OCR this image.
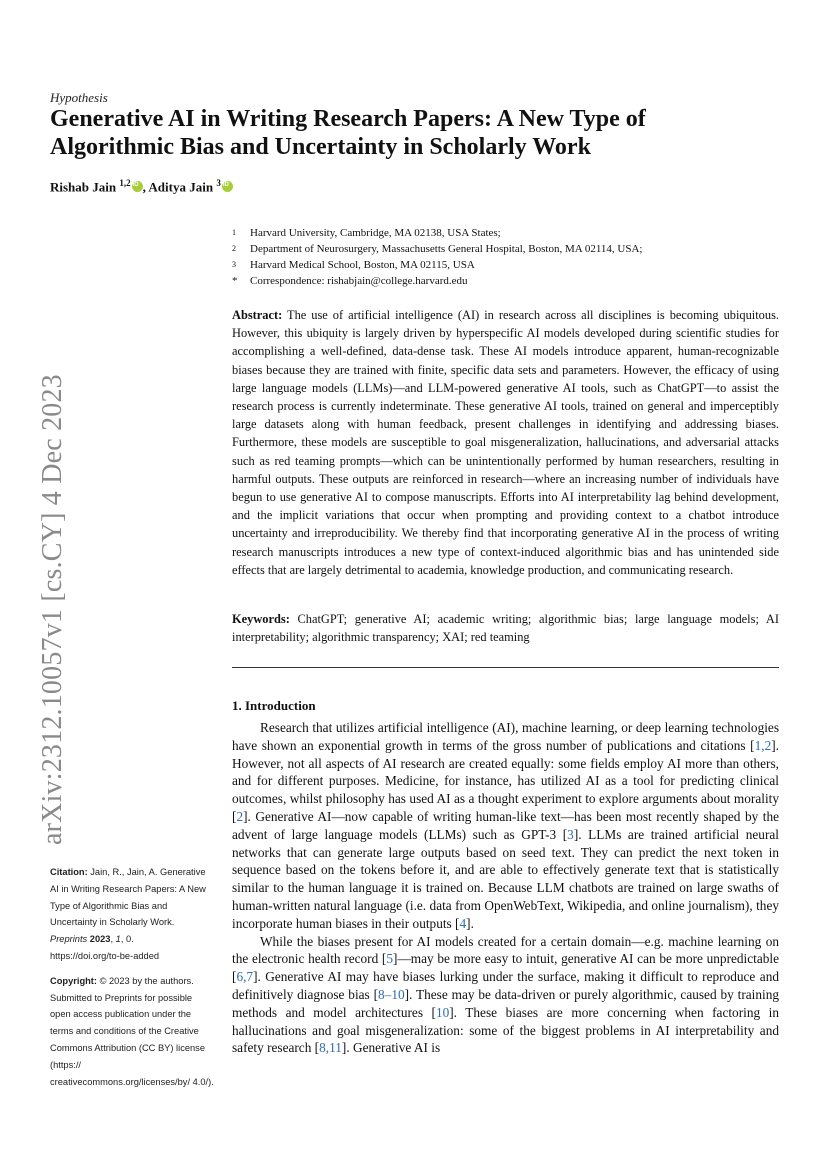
Hypothesis
Generative AI in Writing Research Papers: A New Type of Algorithmic Bias and Uncertainty in Scholarly Work
Rishab Jain $^{1,2}$iD , Aditya Jain $^3$iD
1	Harvard University, Cambridge, MA 02138, USA States;
2	Department of Neurosurgery, Massachusetts General Hospital, Boston, MA 02114, USA;
3	Harvard Medical School, Boston, MA 02115, USA
*	Correspondence: rishabjain@college.harvard.edu
Abstract: The use of artificial intelligence (AI) in research across all disciplines is becoming ubiquitous. However, this ubiquity is largely driven by hyperspecific AI models developed during scientific studies for accomplishing a well-defined, data-dense task. These AI models introduce apparent, human-recognizable biases because they are trained with finite, specific data sets and parameters. However, the efficacy of using large language models (LLMs)—and LLM-powered generative AI tools, such as ChatGPT—to assist the research process is currently indeterminate. These generative AI tools, trained on general and imperceptibly large datasets along with human feedback, present challenges in identifying and addressing biases. Furthermore, these models are susceptible to goal misgeneralization, hallucinations, and adversarial attacks such as red teaming prompts—which can be unintentionally performed by human researchers, resulting in harmful outputs. These outputs are reinforced in research—where an increasing number of individuals have begun to use generative AI to compose manuscripts. Efforts into AI interpretability lag behind development, and the implicit variations that occur when prompting and providing context to a chatbot introduce uncertainty and irreproducibility. We thereby find that incorporating generative AI in the process of writing research manuscripts introduces a new type of context-induced algorithmic bias and has unintended side effects that are largely detrimental to academia, knowledge production, and communicating research.
Keywords: ChatGPT; generative AI; academic writing; algorithmic bias; large language models; AI interpretability; algorithmic transparency; XAI; red teaming
1. Introduction

Research that utilizes artificial intelligence (AI), machine learning, or deep learning technologies have shown an exponential growth in terms of the gross number of publications and citations [1,2]. However, not all aspects of AI research are created equally: some fields employ AI more than others, and for different purposes. Medicine, for instance, has utilized AI as a tool for predicting clinical outcomes, whilst philosophy has used AI as a thought experiment to explore arguments about morality [2]. Generative AI—now capable of writing human-like text—has been most recently shaped by the advent of large language models (LLMs) such as GPT-3 [3]. LLMs are trained artificial neural networks that can generate large outputs based on seed text. They can predict the next token in sequence based on the tokens before it, and are able to effectively generate text that is statistically similar to the human language it is trained on. Because LLM chatbots are trained on large swaths of human-written natural language (i.e. data from OpenWebText, Wikipedia, and online journalism), they incorporate human biases in their outputs [4].

While the biases present for AI models created for a certain domain—e.g. machine learning on the electronic health record [5]—may be more easy to intuit, generative AI can be more unpredictable [6,7]. Generative AI may have biases lurking under the surface, making it difficult to reproduce and definitively diagnose bias [8–10]. These may be data-driven or purely algorithmic, caused by training methods and model architectures [10]. These biases are more concerning when factoring in hallucinations and goal misgeneralization: some of the biggest problems in AI interpretability and safety research [8,11]. Generative AI is

arXiv:2312.10057v1 [cs.CY] 4 Dec 2023
Citation: Jain, R., Jain, A. Generative AI in Writing Research Papers: A New Type of Algorithmic Bias and Uncertainty in Scholarly Work. Preprints 2023, 1, 0.
https://doi.org/to-be-added
Copyright: © 2023 by the authors. Submitted to Preprints for possible open access publication under the terms and conditions of the Creative Commons Attribution (CC BY) license (https:// creativecommons.org/licenses/by/ 4.0/).
